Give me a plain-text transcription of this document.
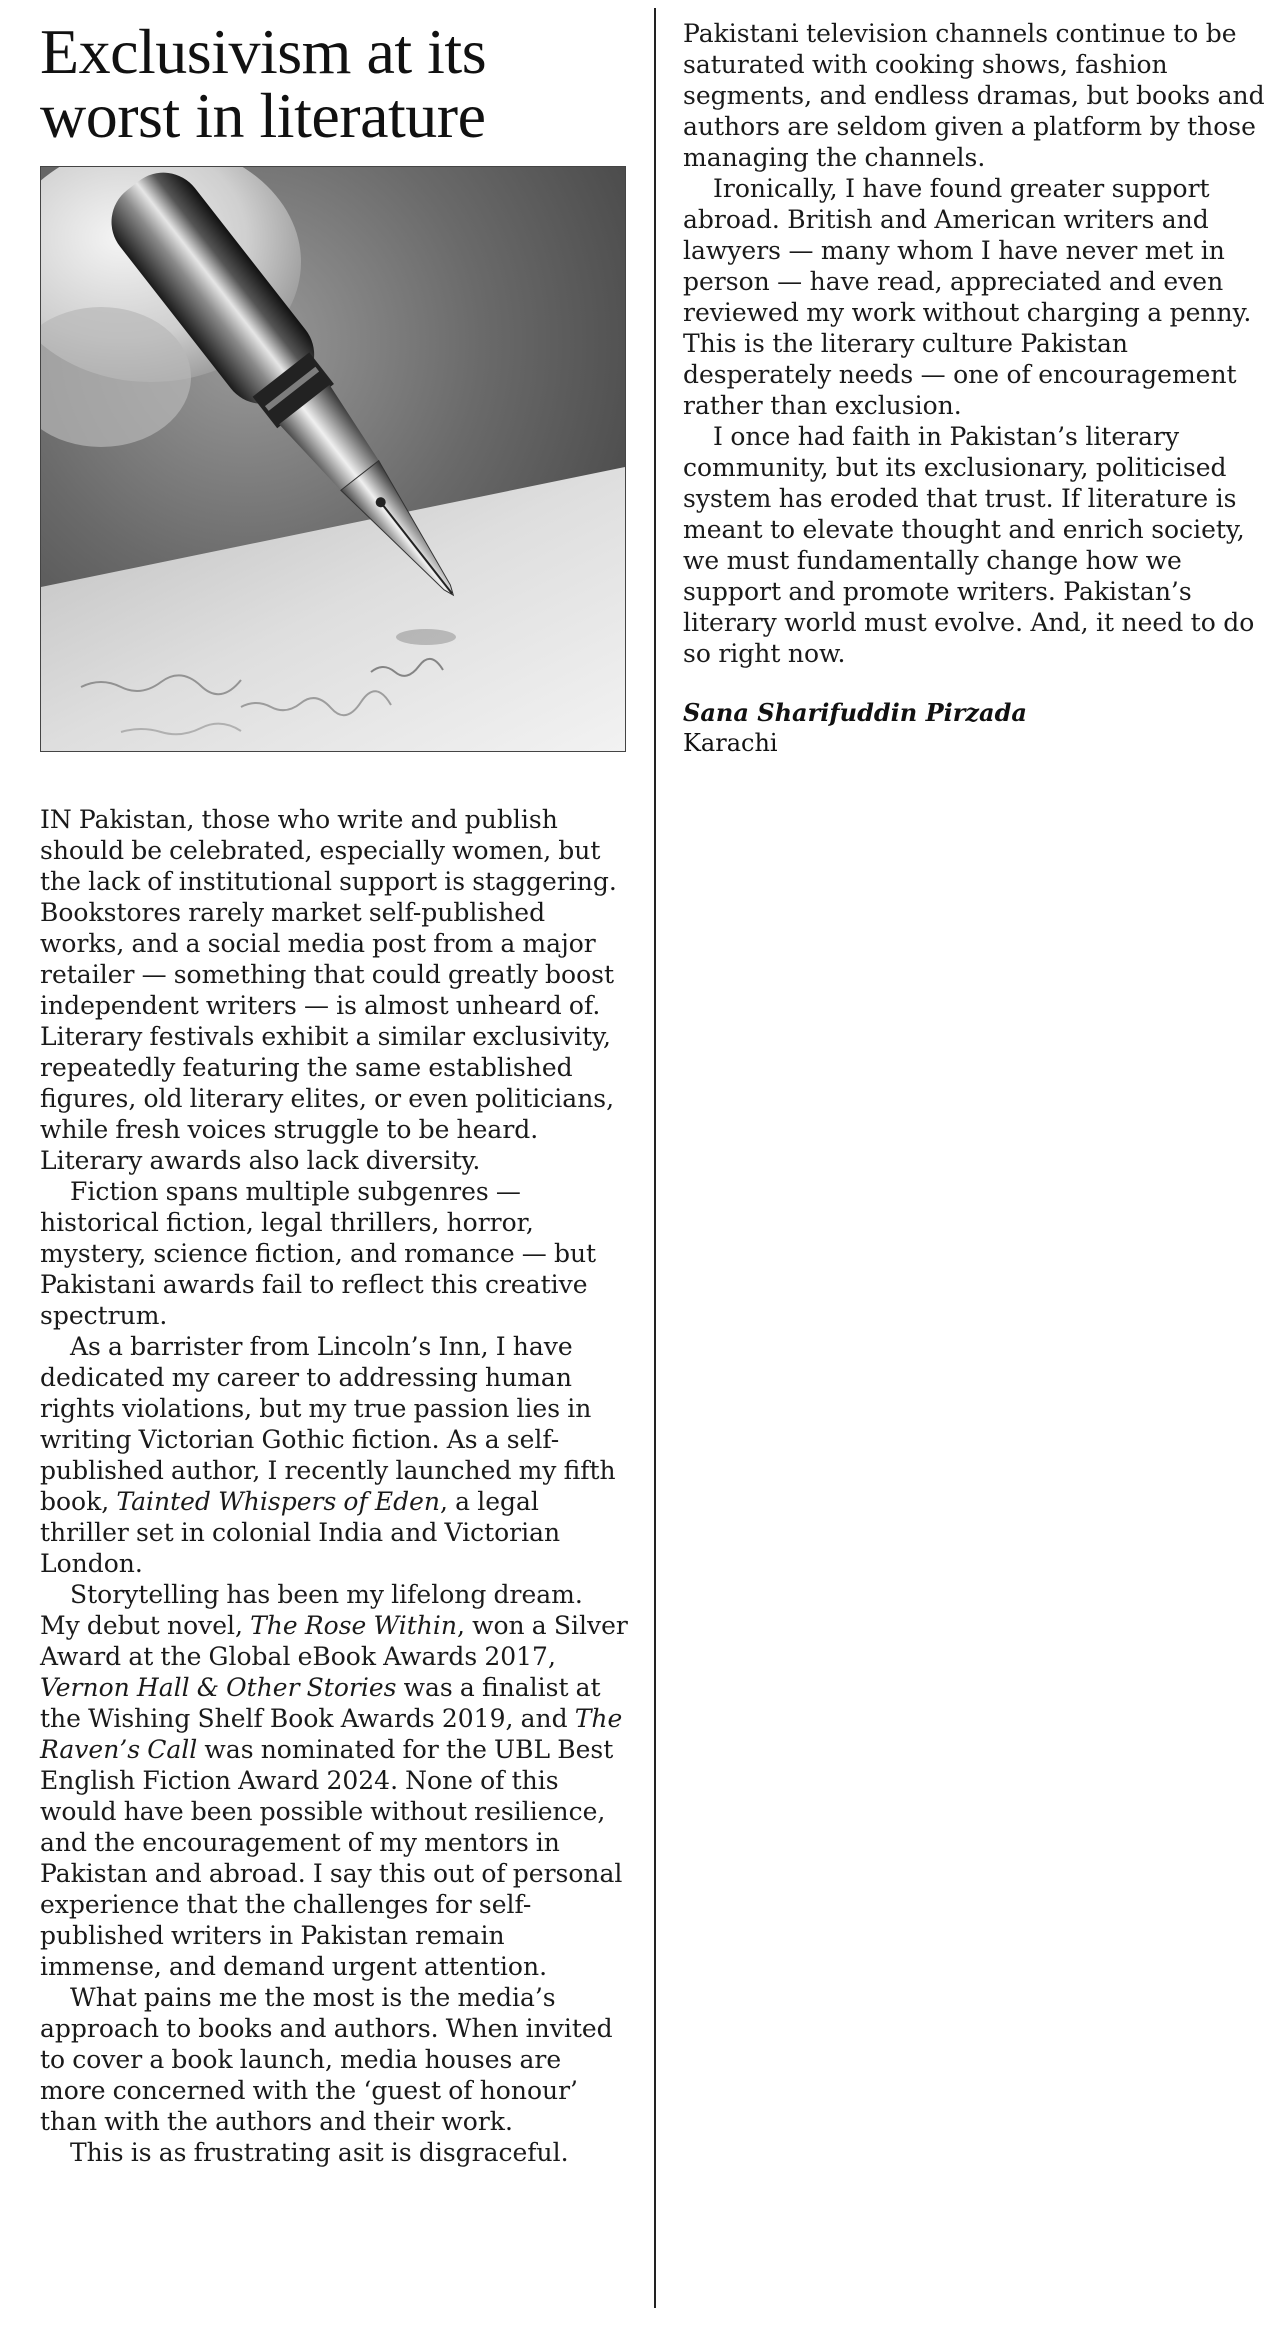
Exclusivism at its
worst in literature

IN Pakistan, those who write and publish should be celebrated, especially women, but the lack of institutional support is staggering. Bookstores rarely market self-published works, and a social media post from a major retailer — something that could greatly boost independent writers — is almost unheard of. Literary festivals exhibit a similar exclusivity, repeatedly featuring the same established figures, old literary elites, or even politicians, while fresh voices struggle to be heard. Literary awards also lack diversity.

Fiction spans multiple subgenres — historical fiction, legal thrillers, horror, mystery, science fiction, and romance — but Pakistani awards fail to reflect this creative spectrum.

As a barrister from Lincoln’s Inn, I have dedicated my career to addressing human rights violations, but my true passion lies in writing Victorian Gothic fiction. As a self-published author, I recently launched my fifth book, Tainted Whispers of Eden, a legal thriller set in colonial India and Victorian London.

Storytelling has been my lifelong dream. My debut novel, The Rose Within, won a Silver Award at the Global eBook Awards 2017, Vernon Hall & Other Stories was a finalist at the Wishing Shelf Book Awards 2019, and The Raven’s Call was nominated for the UBL Best English Fiction Award 2024. None of this would have been possible without resilience, and the encouragement of my mentors in Pakistan and abroad. I say this out of personal experience that the challenges for self-published writers in Pakistan remain immense, and demand urgent attention.

What pains me the most is the media’s approach to books and authors. When invited to cover a book launch, media houses are more concerned with the ‘guest of honour’ than with the authors and their work.

This is as frustrating asit is disgraceful.

Pakistani television channels continue to be saturated with cooking shows, fashion segments, and endless dramas, but books and authors are seldom given a platform by those managing the channels.

Ironically, I have found greater support abroad. British and American writers and lawyers — many whom I have never met in person — have read, appreciated and even reviewed my work without charging a penny. This is the literary culture Pakistan desperately needs — one of encouragement rather than exclusion.

I once had faith in Pakistan’s literary community, but its exclusionary, politicised system has eroded that trust. If literature is meant to elevate thought and enrich society, we must fundamentally change how we support and promote writers. Pakistan’s literary world must evolve. And, it need to do so right now.

Sana Sharifuddin Pirzada

Karachi
